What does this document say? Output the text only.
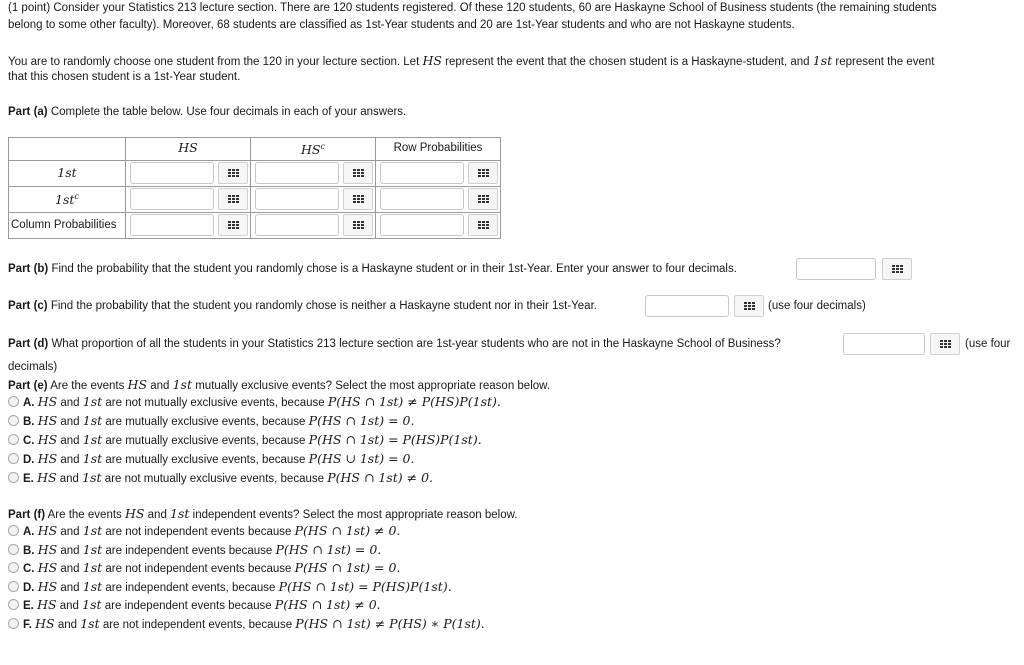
(1 point) Consider your Statistics 213 lecture section. There are 120 students registered. Of these 120 students, 60 are Haskayne School of Business students (the remaining students
belong to some other faculty). Moreover, 68 students are classified as 1st-Year students and 20 are 1st-Year students and who are not Haskayne students.
You are to randomly choose one student from the 120 in your lecture section. Let HS represent the event that the chosen student is a Haskayne-student, and 1st represent the event
that this chosen student is a 1st-Year student.
Part (a) Complete the table below. Use four decimals in each of your answers.
	HS	$HS^c$	Row Probabilities
1st	

$1st^c$	

Column Probabilities	

Part (b) Find the probability that the student you randomly chose is a Haskayne student or in their 1st-Year. Enter your answer to four decimals.
Part (c) Find the probability that the student you randomly chose is neither a Haskayne student nor in their 1st-Year.	(use four decimals)
Part (d) What proportion of all the students in your Statistics 213 lecture section are 1st-year students who are not in the Haskayne School of Business?	(use four
decimals)
Part (e) Are the events HS and 1st mutually exclusive events? Select the most appropriate reason below.
A. HS and 1st are not mutually exclusive events, because P(HS ∩ 1st) ≠ P(HS)P(1st).
B. HS and 1st are mutually exclusive events, because P(HS ∩ 1st) = 0.
C. HS and 1st are mutually exclusive events, because P(HS ∩ 1st) = P(HS)P(1st).
D. HS and 1st are mutually exclusive events, because P(HS ∪ 1st) = 0.
E. HS and 1st are not mutually exclusive events, because P(HS ∩ 1st) ≠ 0.
Part (f) Are the events HS and 1st independent events? Select the most appropriate reason below.
A. HS and 1st are not independent events because P(HS ∩ 1st) ≠ 0.
B. HS and 1st are independent events because P(HS ∩ 1st) = 0.
C. HS and 1st are not independent events because P(HS ∩ 1st) = 0.
D. HS and 1st are independent events, because P(HS ∩ 1st) = P(HS)P(1st).
E. HS and 1st are independent events because P(HS ∩ 1st) ≠ 0.
F. HS and 1st are not independent events, because P(HS ∩ 1st) ≠ P(HS) ∗ P(1st).
